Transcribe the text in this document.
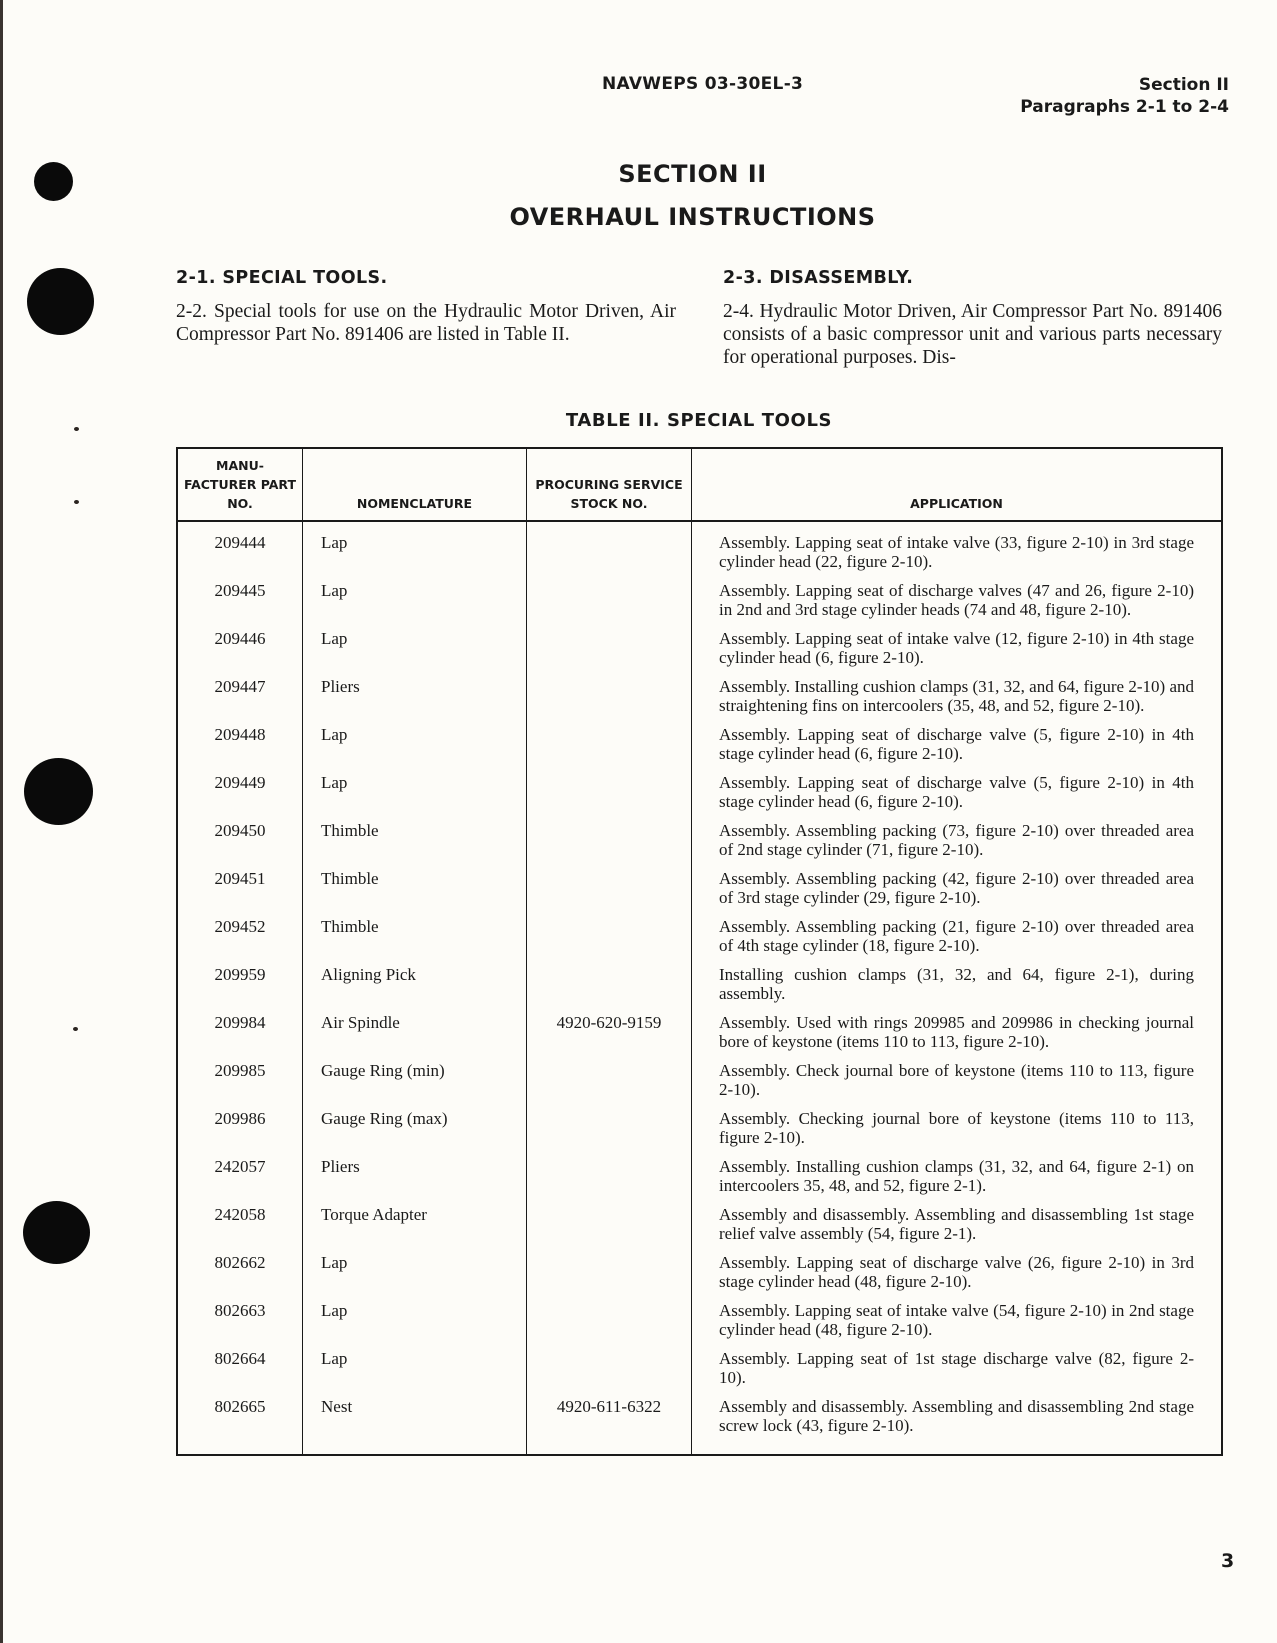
NAVWEPS 03-30EL-3	Section II
Paragraphs 2-1 to 2-4
SECTION II
OVERHAUL INSTRUCTIONS
2-1. SPECIAL TOOLS.
2-2. Special tools for use on the Hydraulic Motor Driven, Air Compressor Part No. 891406 are listed in Table II.
2-3. DISASSEMBLY.
2-4. Hydraulic Motor Driven, Air Compressor Part No. 891406 consists of a basic compressor unit and various parts necessary for operational purposes. Dis-
TABLE II. SPECIAL TOOLS
MANU- FACTURER PART NO.	NOMENCLATURE	PROCURING SERVICE STOCK NO.	APPLICATION
209444	Lap		Assembly. Lapping seat of intake valve (33, figure 2-10) in 3rd stage cylinder head (22, figure 2-10).
209445	Lap		Assembly. Lapping seat of discharge valves (47 and 26, figure 2-10) in 2nd and 3rd stage cylinder heads (74 and 48, figure 2-10).
209446	Lap		Assembly. Lapping seat of intake valve (12, figure 2-10) in 4th stage cylinder head (6, figure 2-10).
209447	Pliers		Assembly. Installing cushion clamps (31, 32, and 64, figure 2-10) and straightening fins on intercoolers (35, 48, and 52, figure 2-10).
209448	Lap		Assembly. Lapping seat of discharge valve (5, figure 2-10) in 4th stage cylinder head (6, figure 2-10).
209449	Lap		Assembly. Lapping seat of discharge valve (5, figure 2-10) in 4th stage cylinder head (6, figure 2-10).
209450	Thimble		Assembly. Assembling packing (73, figure 2-10) over threaded area of 2nd stage cylinder (71, figure 2-10).
209451	Thimble		Assembly. Assembling packing (42, figure 2-10) over threaded area of 3rd stage cylinder (29, figure 2-10).
209452	Thimble		Assembly. Assembling packing (21, figure 2-10) over threaded area of 4th stage cylinder (18, figure 2-10).
209959	Aligning Pick		Installing cushion clamps (31, 32, and 64, figure 2-1), during assembly.
209984	Air Spindle	4920-620-9159	Assembly. Used with rings 209985 and 209986 in checking journal bore of keystone (items 110 to 113, figure 2-10).
209985	Gauge Ring (min)		Assembly. Check journal bore of keystone (items 110 to 113, figure 2-10).
209986	Gauge Ring (max)		Assembly. Checking journal bore of keystone (items 110 to 113, figure 2-10).
242057	Pliers		Assembly. Installing cushion clamps (31, 32, and 64, figure 2-1) on intercoolers 35, 48, and 52, figure 2-1).
242058	Torque Adapter		Assembly and disassembly. Assembling and disassembling 1st stage relief valve assembly (54, figure 2-1).
802662	Lap		Assembly. Lapping seat of discharge valve (26, figure 2-10) in 3rd stage cylinder head (48, figure 2-10).
802663	Lap		Assembly. Lapping seat of intake valve (54, figure 2-10) in 2nd stage cylinder head (48, figure 2-10).
802664	Lap		Assembly. Lapping seat of 1st stage discharge valve (82, figure 2-10).
802665	Nest	4920-611-6322	Assembly and disassembly. Assembling and disassembling 2nd stage screw lock (43, figure 2-10).
3
